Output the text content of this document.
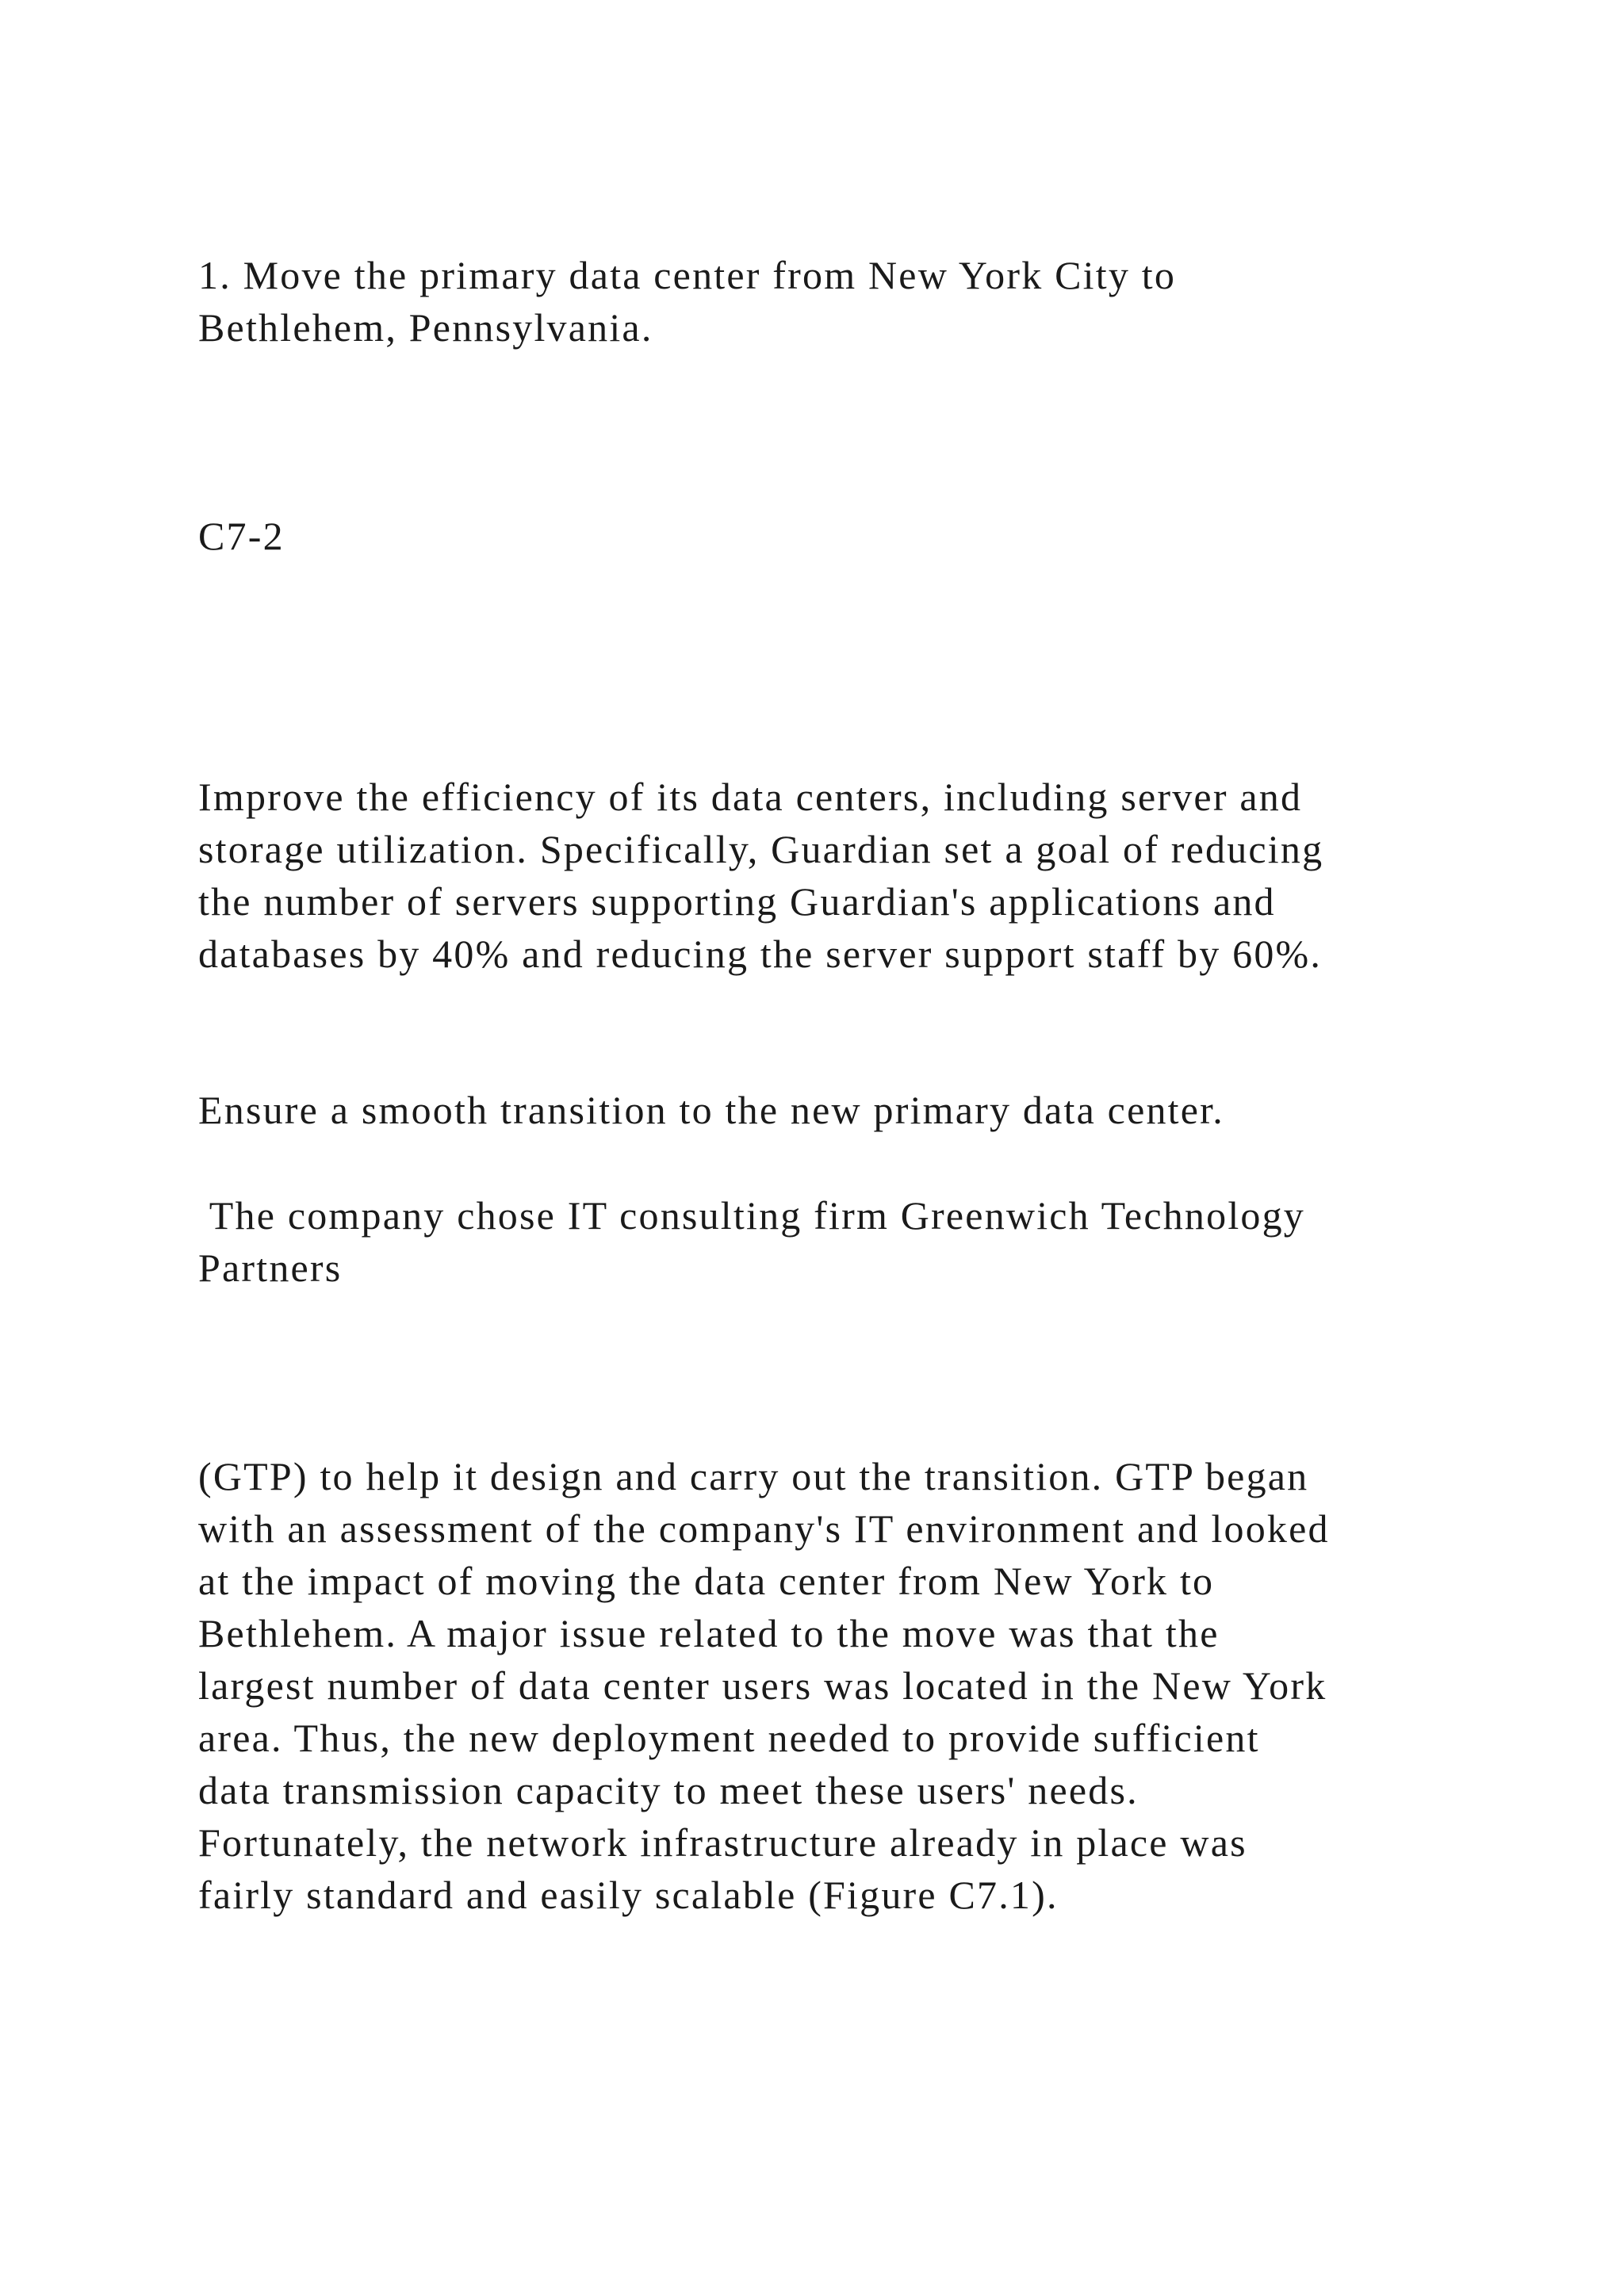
1. Move the primary data center from New York City to
Bethlehem, Pennsylvania.
C7-2
Improve the efficiency of its data centers, including server and
storage utilization. Specifically, Guardian set a goal of reducing
the number of servers supporting Guardian's applications and
databases by 40% and reducing the server support staff by 60%.
Ensure a smooth transition to the new primary data center.
The company chose IT consulting firm Greenwich Technology
Partners
(GTP) to help it design and carry out the transition. GTP began
with an assessment of the company's IT environment and looked
at the impact of moving the data center from New York to
Bethlehem. A major issue related to the move was that the
largest number of data center users was located in the New York
area. Thus, the new deployment needed to provide sufficient
data transmission capacity to meet these users' needs.
Fortunately, the network infrastructure already in place was
fairly standard and easily scalable (Figure C7.1).
